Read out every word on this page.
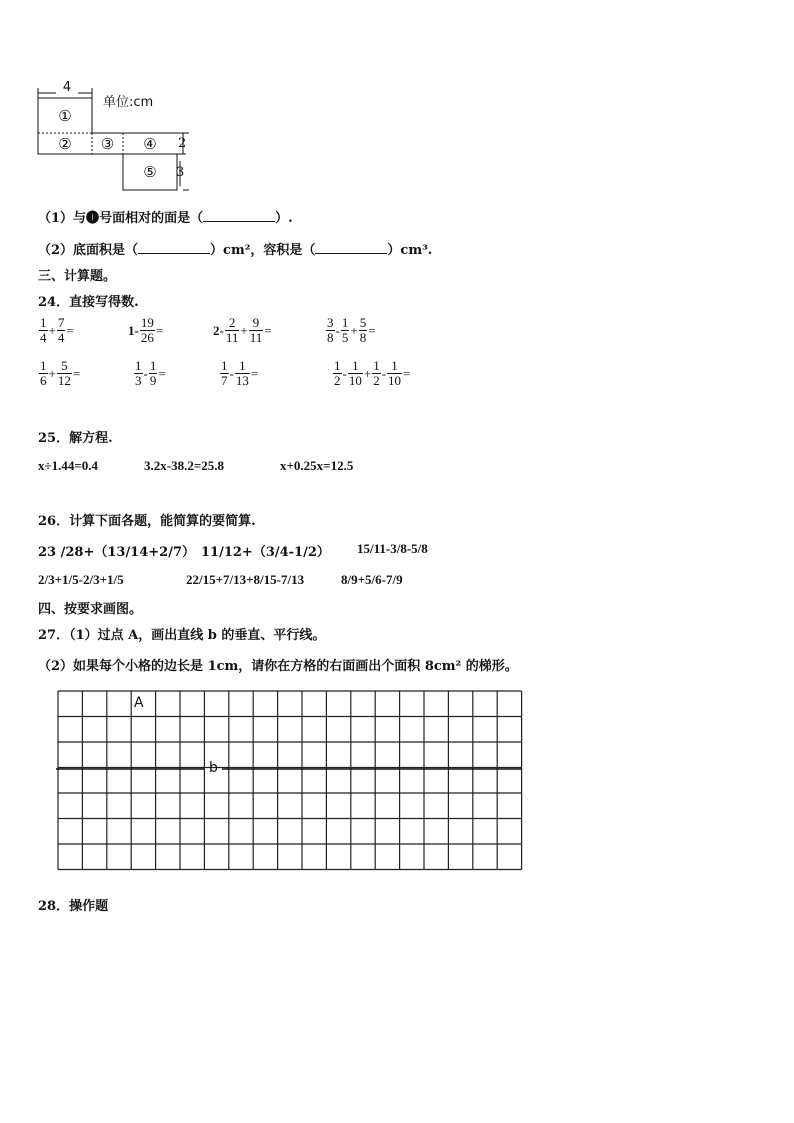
4
单位:cm
①
②	③	④
⑤
2
3
（1）与❶号面相对的面是（	）.
（2）底面积是（	）cm²，容积是（	）cm³.
三、计算题。
24．直接写得数.
$\frac{1}{4} + \frac{7}{4}$ =	$1- \frac{19}{26}$ =	$2- \frac{2}{11} + \frac{9}{11}$ =	$\frac{3}{8} - \frac{1}{5} + \frac{5}{8}$ =
$\frac{1}{6} + \frac{5}{12}$ =	$\frac{1}{3} - \frac{1}{9}$ =	$\frac{1}{7} - \frac{1}{13}$ =	$\frac{1}{2} - \frac{1}{10} + \frac{1}{2} - \frac{1}{10}$ =
25．解方程.
x÷1.44=0.4	3.2x-38.2=25.8	x+0.25x=12.5
26．计算下面各题，能简算的要简算.
23 /28+（13/14+2/7） 11/12+（3/4-1/2） 15/11-3/8-5/8
2/3+1/5-2/3+1/5	22/15+7/13+8/15-7/13	8/9+5/6-7/9
四、按要求画图。
27．（1）过点 A，画出直线 b 的垂直、平行线。
（2）如果每个小格的边长是 1cm，请你在方格的右面画出个面积 8cm² 的梯形。
A
b
28．操作题
